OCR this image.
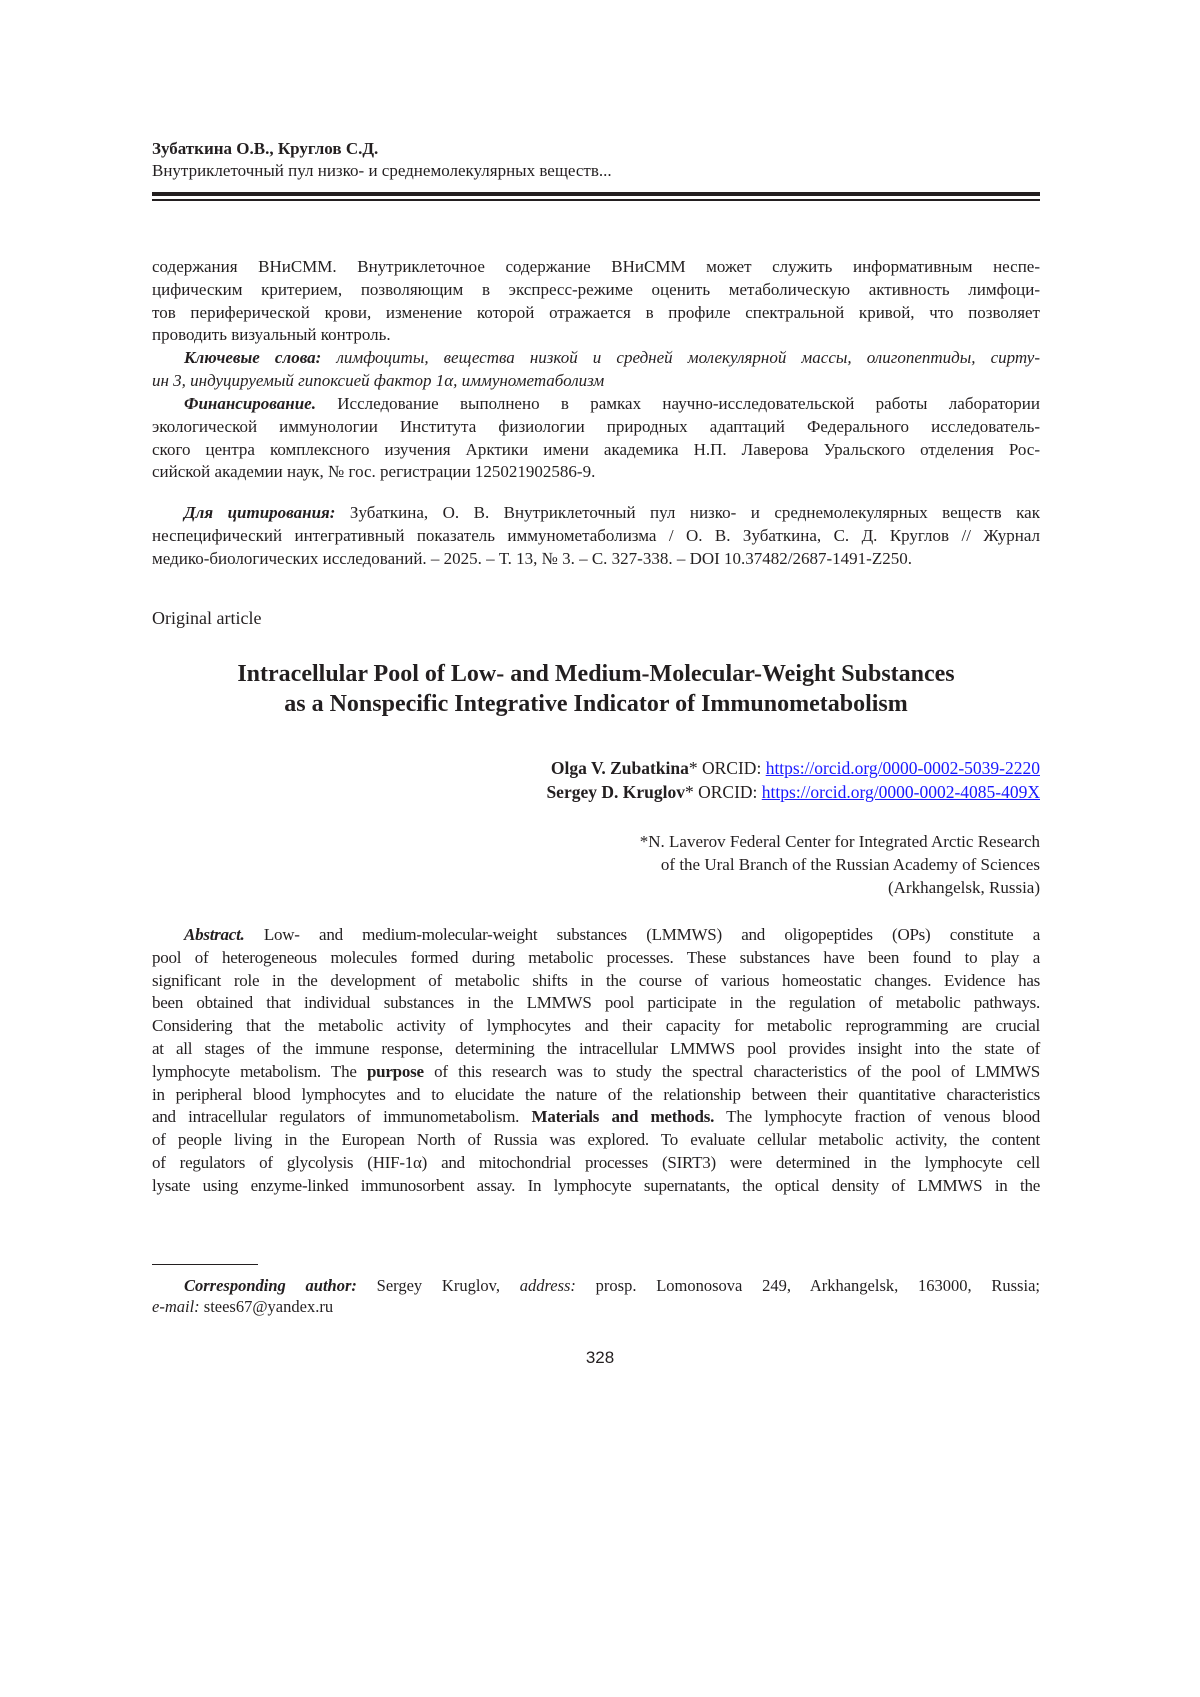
Зубаткина О.В., Круглов С.Д.
Внутриклеточный пул низко- и среднемолекулярных веществ...
содержания ВНиСММ. Внутриклеточное содержание ВНиСММ может служить информативным неспе-
цифическим критерием, позволяющим в экспресс-режиме оценить метаболическую активность лимфоци-
тов периферической крови, изменение которой отражается в профиле спектральной кривой, что позволяет
проводить визуальный контроль.
Ключевые слова: лимфоциты, вещества низкой и средней молекулярной массы, олигопептиды, сирту-
ин 3, индуцируемый гипоксией фактор 1α, иммунометаболизм
Финансирование. Исследование выполнено в рамках научно-исследовательской работы лаборатории
экологической иммунологии Института физиологии природных адаптаций Федерального исследователь-
ского центра комплексного изучения Арктики имени академика Н.П. Лаверова Уральского отделения Рос-
сийской академии наук, № гос. регистрации 125021902586-9.
Для цитирования: Зубаткина, О. В. Внутриклеточный пул низко- и среднемолекулярных веществ как
неспецифический интегративный показатель иммунометаболизма / О. В. Зубаткина, С. Д. Круглов // Журнал
медико-биологических исследований. – 2025. – Т. 13, № 3. – С. 327-338. – DOI 10.37482/2687-1491-Z250.
Original article
Intracellular Pool of Low- and Medium-Molecular-Weight Substances
as a Nonspecific Integrative Indicator of Immunometabolism
Olga V. Zubatkina* ORCID: https://orcid.org/0000-0002-5039-2220
Sergey D. Kruglov* ORCID: https://orcid.org/0000-0002-4085-409X
*N. Laverov Federal Center for Integrated Arctic Research
of the Ural Branch of the Russian Academy of Sciences
(Arkhangelsk, Russia)
Abstract. Low- and medium-molecular-weight substances (LMMWS) and oligopeptides (OPs) constitute a
pool of heterogeneous molecules formed during metabolic processes. These substances have been found to play a
significant role in the development of metabolic shifts in the course of various homeostatic changes. Evidence has
been obtained that individual substances in the LMMWS pool participate in the regulation of metabolic pathways.
Considering that the metabolic activity of lymphocytes and their capacity for metabolic reprogramming are crucial
at all stages of the immune response, determining the intracellular LMMWS pool provides insight into the state of
lymphocyte metabolism. The purpose of this research was to study the spectral characteristics of the pool of LMMWS
in peripheral blood lymphocytes and to elucidate the nature of the relationship between their quantitative characteristics
and intracellular regulators of immunometabolism. Materials and methods. The lymphocyte fraction of venous blood
of people living in the European North of Russia was explored. To evaluate cellular metabolic activity, the content
of regulators of glycolysis (HIF-1α) and mitochondrial processes (SIRT3) were determined in the lymphocyte cell
lysate using enzyme-linked immunosorbent assay. In lymphocyte supernatants, the optical density of LMMWS in the
Corresponding author: Sergey Kruglov, address: prosp. Lomonosova 249, Arkhangelsk, 163000, Russia;
e-mail: stees67@yandex.ru
328
